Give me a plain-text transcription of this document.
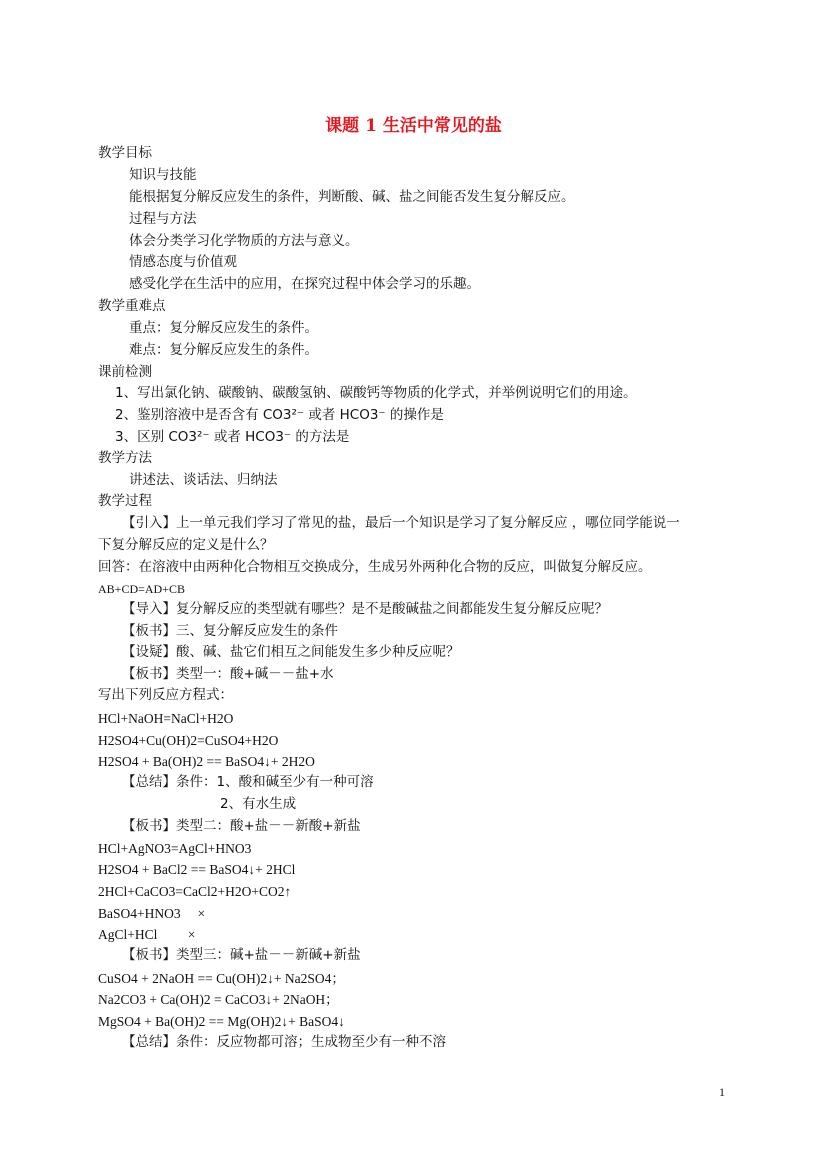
课题 1 生活中常见的盐
教学目标
知识与技能
能根据复分解反应发生的条件，判断酸、碱、盐之间能否发生复分解反应。
过程与方法
体会分类学习化学物质的方法与意义。
情感态度与价值观
感受化学在生活中的应用，在探究过程中体会学习的乐趣。
教学重难点
重点：复分解反应发生的条件。
难点：复分解反应发生的条件。
课前检测
1、写出氯化钠、碳酸钠、碳酸氢钠、碳酸钙等物质的化学式，并举例说明它们的用途。
2、鉴别溶液中是否含有 CO3²⁻ 或者 HCO3⁻ 的操作是
3、区别 CO3²⁻ 或者 HCO3⁻ 的方法是
教学方法
讲述法、谈话法、归纳法
教学过程
【引入】上一单元我们学习了常见的盐，最后一个知识是学习了复分解反应 ，哪位同学能说一
下复分解反应的定义是什么？
回答：在溶液中由两种化合物相互交换成分，生成另外两种化合物的反应，叫做复分解反应。
AB+CD=AD+CB
【导入】复分解反应的类型就有哪些？是不是酸碱盐之间都能发生复分解反应呢？
【板书】三、复分解反应发生的条件
【设疑】酸、碱、盐它们相互之间能发生多少种反应呢？
【板书】类型一：酸+碱－－盐+水
写出下列反应方程式：
HCl+NaOH=NaCl+H2O
H2SO4+Cu(OH)2=CuSO4+H2O
H2SO4 + Ba(OH)2 == BaSO4↓+ 2H2O
【总结】条件：1、酸和碱至少有一种可溶
2、有水生成
【板书】类型二：酸+盐－－新酸+新盐
HCl+AgNO3=AgCl+HNO3
H2SO4 + BaCl2 == BaSO4↓+ 2HCl
2HCl+CaCO3=CaCl2+H2O+CO2↑
BaSO4+HNO3　 ×
AgCl+HCl　　 ×
【板书】类型三：碱+盐－－新碱+新盐
CuSO4 + 2NaOH == Cu(OH)2↓+ Na2SO4；
Na2CO3 + Ca(OH)2 = CaCO3↓+ 2NaOH；
MgSO4 + Ba(OH)2 == Mg(OH)2↓+ BaSO4↓
【总结】条件：反应物都可溶；生成物至少有一种不溶
1
